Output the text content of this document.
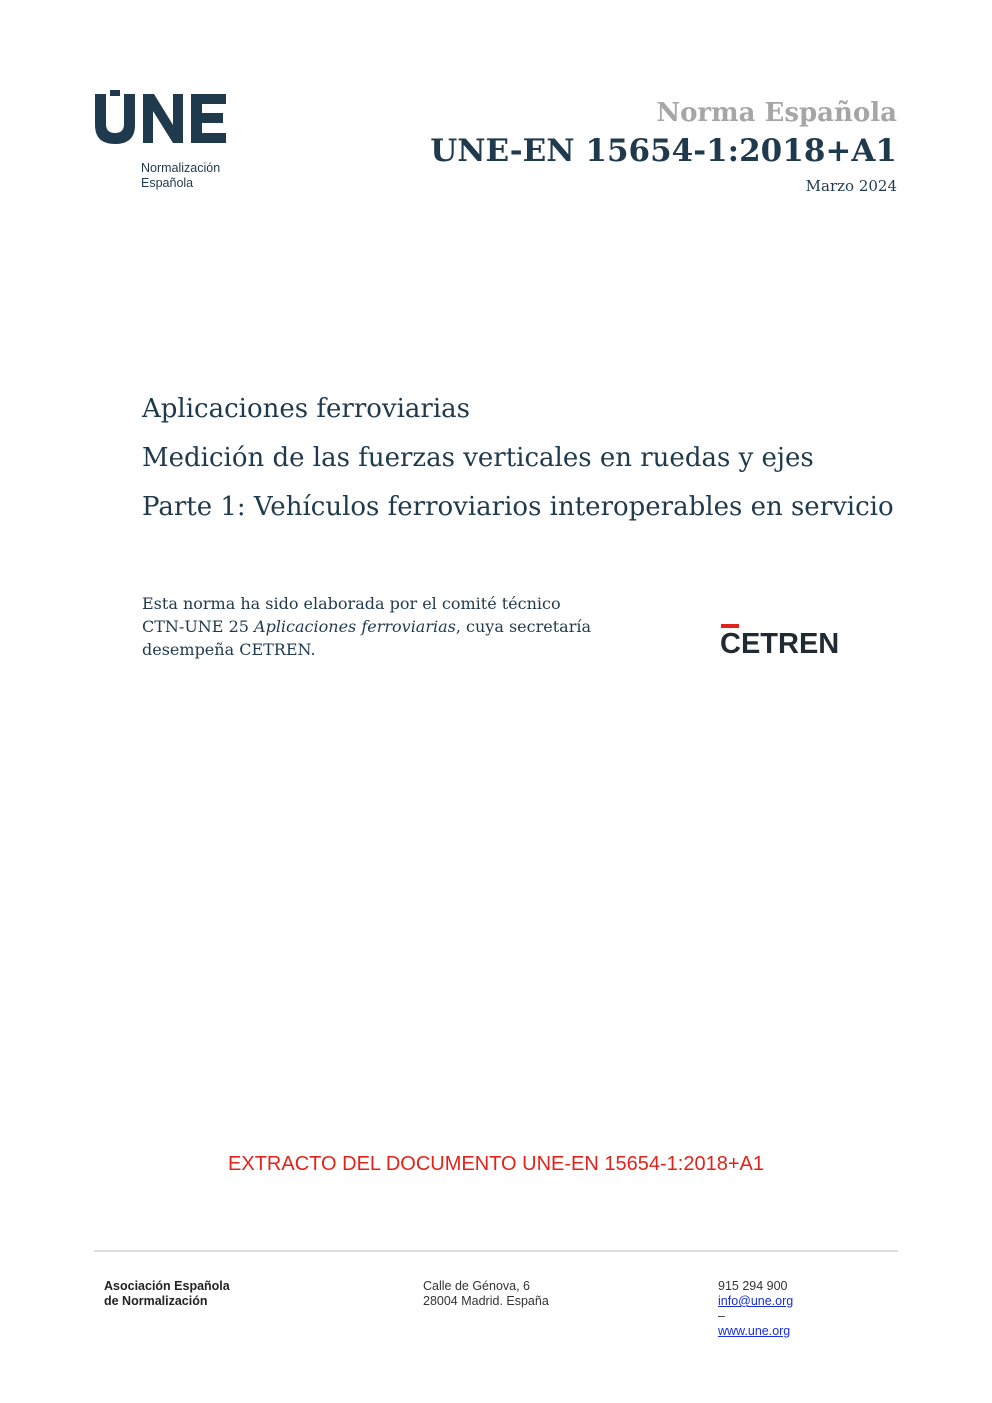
Normalización
Española
Norma Española
UNE-EN 15654-1:2018+A1
Marzo 2024
Aplicaciones ferroviarias
Medición de las fuerzas verticales en ruedas y ejes
Parte 1: Vehículos ferroviarios interoperables en servicio
Esta norma ha sido elaborada por el comité técnico
CTN-UNE 25 Aplicaciones ferroviarias, cuya secretaría
desempeña CETREN.	CETREN
EXTRACTO DEL DOCUMENTO UNE-EN 15654-1:2018+A1
Asociación Española
de Normalización
Calle de Génova, 6
28004 Madrid. España
915 294 900
info@une.org
–
www.une.org
